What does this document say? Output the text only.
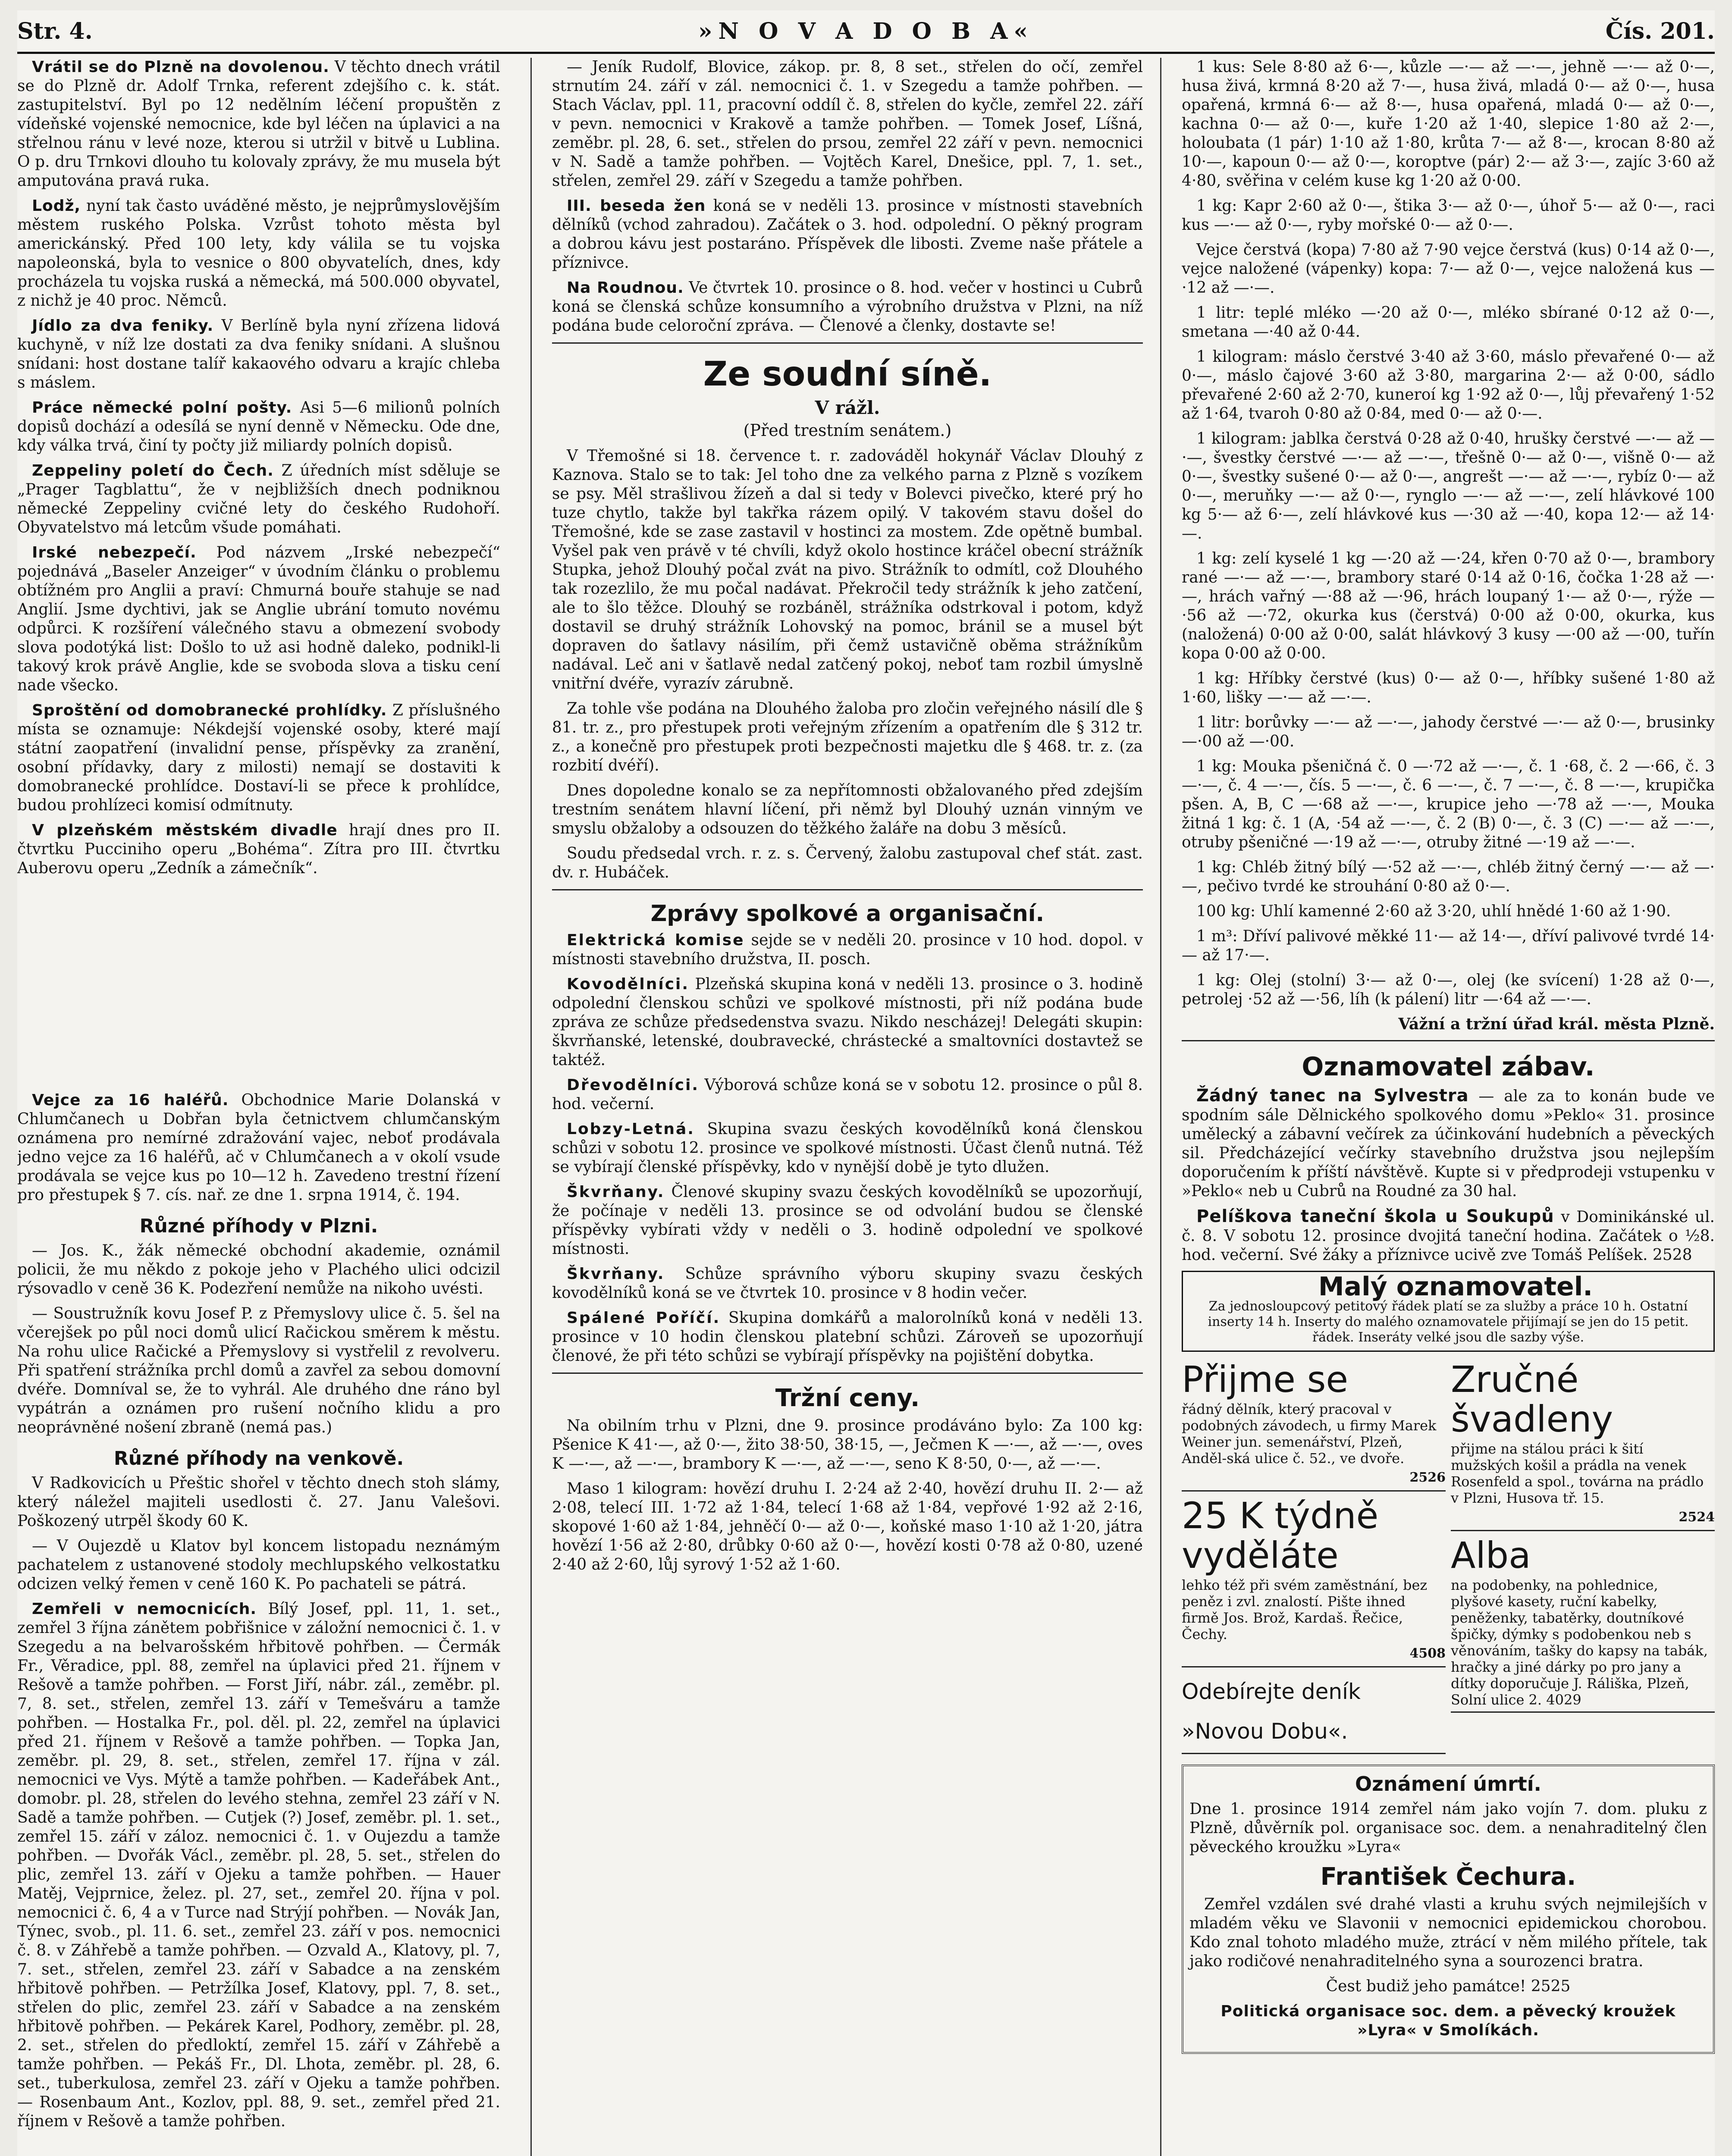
Str. 4.	»N O V A D O B A«	Čís. 201.

Vrátil se do Plzně na dovolenou. V těchto dnech vrátil se do Plzně dr. Adolf Trnka, referent zdejšího c. k. stát. zastupitelství. Byl po 12 nedělním léčení propuštěn z vídeňské vojenské nemocnice, kde byl léčen na úplavici a na střelnou ránu v levé noze, kterou si utržil v bitvě u Lublina. O p. dru Trnkovi dlouho tu kolovaly zprávy, že mu musela být amputována pravá ruka.

Lodž, nyní tak často uváděné město, je nejprůmyslovějším městem ruského Polska. Vzrůst tohoto města byl americkánský. Před 100 lety, kdy válila se tu vojska napoleonská, byla to vesnice o 800 obyvatelích, dnes, kdy procházela tu vojska ruská a německá, má 500.000 obyvatel, z nichž je 40 proc. Němců.

Jídlo za dva feniky. V Berlíně byla nyní zřízena lidová kuchyně, v níž lze dostati za dva feniky snídani. A slušnou snídani: host dostane talíř kakaového odvaru a krajíc chleba s máslem.

Práce německé polní pošty. Asi 5—6 milionů polních dopisů dochází a odesílá se nyní denně v Německu. Ode dne, kdy válka trvá, činí ty počty již miliardy polních dopisů.

Zeppeliny poletí do Čech. Z úředních míst sděluje se „Prager Tagblattu“, že v nejbližších dnech podniknou německé Zeppeliny cvičné lety do českého Rudohoří. Obyvatelstvo má letcům všude pomáhati.

Irské nebezpečí. Pod názvem „Irské nebezpečí“ pojednává „Baseler Anzeiger“ v úvodním článku o problemu obtížném pro Anglii a praví: Chmurná bouře stahuje se nad Anglií. Jsme dychtivi, jak se Anglie ubrání tomuto novému odpůrci. K rozšíření válečného stavu a obmezení svobody slova podotýká list: Došlo to už asi hodně daleko, podnikl-li takový krok právě Anglie, kde se svoboda slova a tisku cení nade všecko.

Sproštění od domobranecké prohlídky. Z příslušného místa se oznamuje: Nékdejší vojenské osoby, které mají státní zaopatření (invalidní pense, příspěvky za zranění, osobní přídavky, dary z milosti) nemají se dostaviti k domobranecké prohlídce. Dostaví-li se přece k prohlídce, budou prohlízeci komisí odmítnuty.

V plzeňském městském divadle hrají dnes pro II. čtvrtku Pucciniho operu „Bohéma“. Zítra pro III. čtvrtku Auberovu operu „Zedník a zámečník“.

Vejce za 16 haléřů. Obchodnice Marie Dolanská v Chlumčanech u Dobřan byla četnictvem chlumčanským oznámena pro nemírné zdražování vajec, neboť prodávala jedno vejce za 16 haléřů, ač v Chlumčanech a v okolí vsude prodávala se vejce kus po 10—12 h. Zavedeno trestní řízení pro přestupek § 7. cís. nař. ze dne 1. srpna 1914, č. 194.

Různé příhody v Plzni.

— Jos. K., žák německé obchodní akademie, oznámil policii, že mu někdo z pokoje jeho v Plachého ulici odcizil rýsovadlo v ceně 36 K. Podezření nemůže na nikoho uvésti.

— Soustružník kovu Josef P. z Přemyslovy ulice č. 5. šel na včerejšek po půl noci domů ulicí Račickou směrem k městu. Na rohu ulice Račické a Přemyslovy si vystřelil z revolveru. Při spatření strážníka prchl domů a zavřel za sebou domovní dvéře. Domníval se, že to vyhrál. Ale druhého dne ráno byl vypátrán a oznámen pro rušení nočního klidu a pro neoprávněné nošení zbraně (nemá pas.)

Různé příhody na venkově.

V Radkovicích u Přeštic shořel v těchto dnech stoh slámy, který náležel majiteli usedlosti č. 27. Janu Valešovi. Poškozený utrpěl škody 60 K.

— V Oujezdě u Klatov byl koncem listopadu neznámým pachatelem z ustanovené stodoly mechlupského velkostatku odcizen velký řemen v ceně 160 K. Po pachateli se pátrá.

Zemřeli v nemocnicích. Bílý Josef, ppl. 11, 1. set., zemřel 3 října zánětem pobřišnice v záložní nemocnici č. 1. v Szegedu a na belvarošském hřbitově pohřben. — Čermák Fr., Věradice, ppl. 88, zemřel na úplavici před 21. říjnem v Rešově a tamže pohřben. — Forst Jiří, nábr. zál., zeměbr. pl. 7, 8. set., střelen, zemřel 13. září v Temešváru a tamže pohřben. — Hostalka Fr., pol. děl. pl. 22, zemřel na úplavici před 21. říjnem v Rešově a tamže pohřben. — Topka Jan, zeměbr. pl. 29, 8. set., střelen, zemřel 17. října v zál. nemocnici ve Vys. Mýtě a tamže pohřben. — Kadeřábek Ant., domobr. pl. 28, střelen do levého stehna, zemřel 23 září v N. Sadě a tamže pohřben. — Cutjek (?) Josef, zeměbr. pl. 1. set., zemřel 15. září v záloz. nemocnici č. 1. v Oujezdu a tamže pohřben. — Dvořák Václ., zeměbr. pl. 28, 5. set., střelen do plic, zemřel 13. září v Ojeku a tamže pohřben. — Hauer Matěj, Vejprnice, želez. pl. 27, set., zemřel 20. října v pol. nemocnici č. 6, 4 a v Turce nad Strýjí pohřben. — Novák Jan, Týnec, svob., pl. 11. 6. set., zemřel 23. září v pos. nemocnici č. 8. v Záhřebě a tamže pohřben. — Ozvald A., Klatovy, pl. 7, 7. set., střelen, zemřel 23. září v Sabadce a na zenském hřbitově pohřben. — Petržílka Josef, Klatovy, ppl. 7, 8. set., střelen do plic, zemřel 23. září v Sabadce a na zenském hřbitově pohřben. — Pekárek Karel, Podhory, zeměbr. pl. 28, 2. set., střelen do předloktí, zemřel 15. září v Záhřebě a tamže pohřben. — Pekáš Fr., Dl. Lhota, zeměbr. pl. 28, 6. set., tuberkulosa, zemřel 23. září v Ojeku a tamže pohřben. — Rosenbaum Ant., Kozlov, ppl. 88, 9. set., zemřel před 21. říjnem v Rešově a tamže pohřben.

— Jeník Rudolf, Blovice, zákop. pr. 8, 8 set., střelen do očí, zemřel strnutím 24. září v zál. nemocnici č. 1. v Szegedu a tamže pohřben. — Stach Václav, ppl. 11, pracovní oddíl č. 8, střelen do kyčle, zemřel 22. září v pevn. nemocnici v Krakově a tamže pohřben. — Tomek Josef, Líšná, zeměbr. pl. 28, 6. set., střelen do prsou, zemřel 22 září v pevn. nemocnici v N. Sadě a tamže pohřben. — Vojtěch Karel, Dnešice, ppl. 7, 1. set., střelen, zemřel 29. září v Szegedu a tamže pohřben.

III. beseda žen koná se v neděli 13. prosince v místnosti stavebních dělníků (vchod zahradou). Začátek o 3. hod. odpolední. O pěkný program a dobrou kávu jest postaráno. Příspěvek dle libosti. Zveme naše přátele a příznivce.

Na Roudnou. Ve čtvrtek 10. prosince o 8. hod. večer v hostinci u Cubrů koná se členská schůze konsumního a výrobního družstva v Plzni, na níž podána bude celoroční zpráva. — Členové a členky, dostavte se!

Ze soudní síně.
V rážl.
(Před trestním senátem.)

V Třemošné si 18. července t. r. zadováděl hokynář Václav Dlouhý z Kaznova. Stalo se to tak: Jel toho dne za velkého parna z Plzně s vozíkem se psy. Měl strašlivou žízeň a dal si tedy v Bolevci pivečko, které prý ho tuze chytlo, takže byl takřka rázem opilý. V takovém stavu došel do Třemošné, kde se zase zastavil v hostinci za mostem. Zde opětně bumbal. Vyšel pak ven právě v té chvíli, když okolo hostince kráčel obecní strážník Stupka, jehož Dlouhý počal zvát na pivo. Strážník to odmítl, což Dlouhého tak rozezlilo, že mu počal nadávat. Překročil tedy strážník k jeho zatčení, ale to šlo těžce. Dlouhý se rozbáněl, strážníka odstrkoval i potom, když dostavil se druhý strážník Lohovský na pomoc, bránil se a musel být dopraven do šatlavy násilím, při čemž ustavičně oběma strážníkům nadával. Leč ani v šatlavě nedal zatčený pokoj, neboť tam rozbil úmyslně vnitřní dvéře, vyrazív zárubně.

Za tohle vše podána na Dlouhého žaloba pro zločin veřejného násilí dle § 81. tr. z., pro přestupek proti veřejným zřízením a opatřením dle § 312 tr. z., a konečně pro přestupek proti bezpečnosti majetku dle § 468. tr. z. (za rozbití dvéří).

Dnes dopoledne konalo se za nepřítomnosti obžalovaného před zdejším trestním senátem hlavní líčení, při němž byl Dlouhý uznán vinným ve smyslu obžaloby a odsouzen do těžkého žaláře na dobu 3 měsíců.

Soudu předsedal vrch. r. z. s. Červený, žalobu zastupoval chef stát. zast. dv. r. Hubáček.

Zprávy spolkové a organisační.

Elektrická komise sejde se v neděli 20. prosince v 10 hod. dopol. v místnosti stavebního družstva, II. posch.

Kovodělníci. Plzeňská skupina koná v neděli 13. prosince o 3. hodině odpolední členskou schůzi ve spolkové místnosti, při níž podána bude zpráva ze schůze předsedenstva svazu. Nikdo nescházej! Delegáti skupin: škvrňanské, letenské, doubravecké, chrástecké a smaltovníci dostavtež se taktéž.

Dřevodělníci. Výborová schůze koná se v sobotu 12. prosince o půl 8. hod. večerní.

Lobzy-Letná. Skupina svazu českých kovodělníků koná členskou schůzi v sobotu 12. prosince ve spolkové místnosti. Účast členů nutná. Též se vybírají členské příspěvky, kdo v nynější době je tyto dlužen.

Škvrňany. Členové skupiny svazu českých kovodělníků se upozorňují, že počínaje v neděli 13. prosince se od odvolání budou se členské příspěvky vybírati vždy v neděli o 3. hodině odpolední ve spolkové místnosti.

Škvrňany. Schůze správního výboru skupiny svazu českých kovodělníků koná se ve čtvrtek 10. prosince v 8 hodin večer.

Spálené Poříčí. Skupina domkářů a malorolníků koná v neděli 13. prosince v 10 hodin členskou platební schůzi. Zároveň se upozorňují členové, že při této schůzi se vybírají příspěvky na pojištění dobytka.

Tržní ceny.

Na obilním trhu v Plzni, dne 9. prosince prodáváno bylo: Za 100 kg: Pšenice K 41·—, až 0·—, žito 38·50, 38·15, —, Ječmen K —·—, až —·—, oves K —·—, až —·—, brambory K —·—, až —·—, seno K 8·50, 0·—, až —·—.

Maso 1 kilogram: hovězí druhu I. 2·24 až 2·40, hovězí druhu II. 2·— až 2·08, telecí III. 1·72 až 1·84, telecí 1·68 až 1·84, vepřové 1·92 až 2·16, skopové 1·60 až 1·84, jehněčí 0·— až 0·—, koňské maso 1·10 až 1·20, játra hovězí 1·56 až 2·80, drůbky 0·60 až 0·—, hovězí kosti 0·78 až 0·80, uzené 2·40 až 2·60, lůj syrový 1·52 až 1·60.

1 kus: Sele 8·80 až 6·—, kůzle —·— až —·—, jehně —·— až 0·—, husa živá, krmná 8·20 až 7·—, husa živá, mladá 0·— až 0·—, husa opařená, krmná 6·— až 8·—, husa opařená, mladá 0·— až 0·—, kachna 0·— až 0·—, kuře 1·20 až 1·40, slepice 1·80 až 2·—, holoubata (1 pár) 1·10 až 1·80, krůta 7·— až 8·—, krocan 8·80 až 10·—, kapoun 0·— až 0·—, koroptve (pár) 2·— až 3·—, zajíc 3·60 až 4·80, svěřina v celém kuse kg 1·20 až 0·00.

1 kg: Kapr 2·60 až 0·—, štika 3·— až 0·—, úhoř 5·— až 0·—, raci kus —·— až 0·—, ryby mořské 0·— až 0·—.

Vejce čerstvá (kopa) 7·80 až 7·90 vejce čerstvá (kus) 0·14 až 0·—, vejce naložené (vápenky) kopa: 7·— až 0·—, vejce naložená kus —·12 až —·—.

1 litr: teplé mléko —·20 až 0·—, mléko sbírané 0·12 až 0·—, smetana —·40 až 0·44.

1 kilogram: máslo čerstvé 3·40 až 3·60, máslo převařené 0·— až 0·—, máslo čajové 3·60 až 3·80, margarina 2·— až 0·00, sádlo převařené 2·60 až 2·70, kuneroí kg 1·92 až 0·—, lůj převařený 1·52 až 1·64, tvaroh 0·80 až 0·84, med 0·— až 0·—.

1 kilogram: jablka čerstvá 0·28 až 0·40, hrušky čerstvé —·— až —·—, švestky čerstvé —·— až —·—, třešně 0·— až 0·—, višně 0·— až 0·—, švestky sušené 0·— až 0·—, angrešt —·— až —·—, rybíz 0·— až 0·—, meruňky —·— až 0·—, rynglo —·— až —·—, zelí hlávkové 100 kg 5·— až 6·—, zelí hlávkové kus —·30 až —·40, kopa 12·— až 14·—.

1 kg: zelí kyselé 1 kg —·20 až —·24, křen 0·70 až 0·—, brambory rané —·— až —·—, brambory staré 0·14 až 0·16, čočka 1·28 až —·—, hrách vařný —·88 až —·96, hrách loupaný 1·— až 0·—, rýže —·56 až —·72, okurka kus (čerstvá) 0·00 až 0·00, okurka, kus (naložená) 0·00 až 0·00, salát hlávkový 3 kusy —·00 až —·00, tuřín kopa 0·00 až 0·00.

1 kg: Hříbky čerstvé (kus) 0·— až 0·—, hříbky sušené 1·80 až 1·60, lišky —·— až —·—.

1 litr: borůvky —·— až —·—, jahody čerstvé —·— až 0·—, brusinky —·00 až —·00.

1 kg: Mouka pšeničná č. 0 —·72 až —·—, č. 1 ·68, č. 2 —·66, č. 3 —·—, č. 4 —·—, čís. 5 —·—, č. 6 —·—, č. 7 —·—, č. 8 —·—, krupička pšen. A, B, C —·68 až —·—, krupice jeho —·78 až —·—, Mouka žitná 1 kg: č. 1 (A, ·54 až —·—, č. 2 (B) 0·—, č. 3 (C) —·— až —·—, otruby pšeničné —·19 až —·—, otruby žitné —·19 až —·—.

1 kg: Chléb žitný bílý —·52 až —·—, chléb žitný černý —·— až —·—, pečivo tvrdé ke strouhání 0·80 až 0·—.

100 kg: Uhlí kamenné 2·60 až 3·20, uhlí hnědé 1·60 až 1·90.

1 m³: Dříví palivové měkké 11·— až 14·—, dříví palivové tvrdé 14·— až 17·—.

1 kg: Olej (stolní) 3·— až 0·—, olej (ke svícení) 1·28 až 0·—, petrolej ·52 až —·56, líh (k pálení) litr —·64 až —·—.

Vážní a tržní úřad král. města Plzně.
Oznamovatel zábav.

Žádný tanec na Sylvestra — ale za to konán bude ve spodním sále Dělnického spolkového domu »Peklo« 31. prosince umělecký a zábavní večírek za účinkování hudebních a pěveckých sil. Předcházející večírky stavebního družstva jsou nejlepším doporučením k příští návštěvě. Kupte si v předprodeji vstupenku v »Peklo« neb u Cubrů na Roudné za 30 hal.

Pelíškova taneční škola u Soukupů v Dominikánské ul. č. 8. V sobotu 12. prosince dvojitá taneční hodina. Začátek o ½8. hod. večerní. Své žáky a příznivce ucivě zve Tomáš Pelíšek. 2528

Malý oznamovatel.

Za jednosloupcový petitový řádek platí se za služby a práce 10 h. Ostatní inserty 14 h. Inserty do malého oznamovatele přijímají se jen do 15 petit. řádek. Inseráty velké jsou dle sazby výše.

Přijme se

řádný dělník, který pracoval v podobných závodech, u firmy Marek Weiner jun. semenářství, Plzeň, Anděl-ská ulice č. 52., ve dvoře.

2526
25 K týdně vyděláte

lehko též při svém zaměstnání, bez peněz i zvl. znalostí. Pište ihned firmě Jos. Brož, Kardaš. Řečice, Čechy.

4508
Odebírejte deník »Novou Dobu«.
Zručné švadleny

přijme na stálou práci k šití mužských košil a prádla na venek Rosenfeld a spol., továrna na prádlo v Plzni, Husova tř. 15.

2524
Alba

na podobenky, na pohlednice, plyšové kasety, ruční kabelky, peněženky, tabatěrky, doutníkové špičky, dýmky s podobenkou neb s věnováním, tašky do kapsy na tabák, hračky a jiné dárky po pro jany a dítky doporučuje J. Ráliška, Plzeň, Solní ulice 2. 4029

Oznámení úmrtí.

Dne 1. prosince 1914 zemřel nám jako vojín 7. dom. pluku z Plzně, důvěrník pol. organisace soc. dem. a nenahraditelný člen pěveckého kroužku »Lyra«

František Čechura.

Zemřel vzdálen své drahé vlasti a kruhu svých nejmilejších v mladém věku ve Slavonii v nemocnici epidemickou chorobou. Kdo znal tohoto mladého muže, ztrácí v něm milého přítele, tak jako rodičové nenahraditelného syna a sourozenci bratra.

Čest budiž jeho památce! 2525

Politická organisace soc. dem. a pěvecký kroužek »Lyra« v Smolíkách.
